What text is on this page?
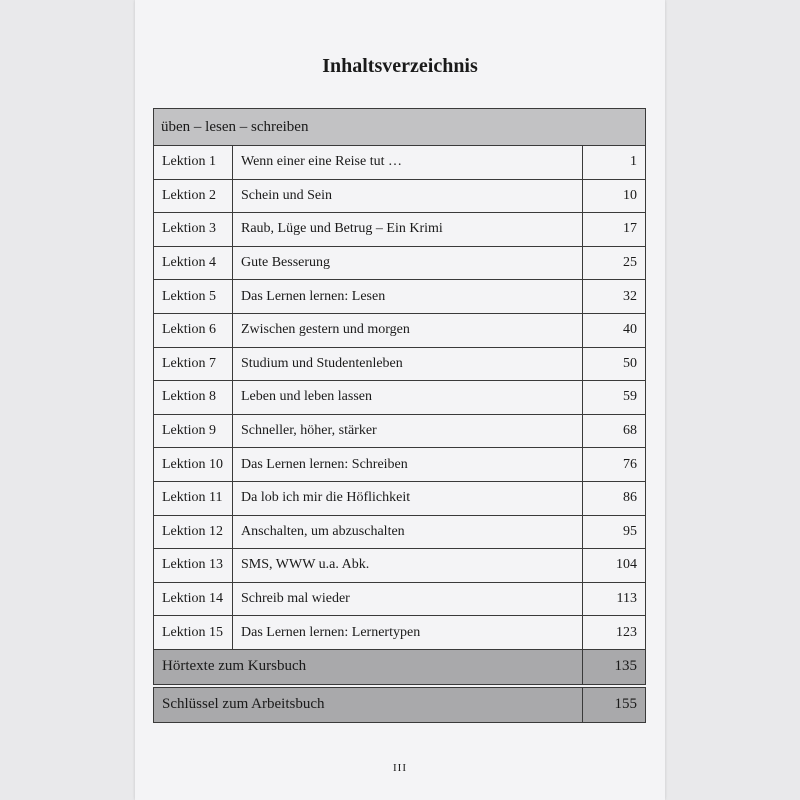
Inhaltsverzeichnis
üben – lesen – schreiben		
Lektion 1	Wenn einer eine Reise tut …	1
Lektion 2	Schein und Sein	10
Lektion 3	Raub, Lüge und Betrug – Ein Krimi	17
Lektion 4	Gute Besserung	25
Lektion 5	Das Lernen lernen: Lesen	32
Lektion 6	Zwischen gestern und morgen	40
Lektion 7	Studium und Studentenleben	50
Lektion 8	Leben und leben lassen	59
Lektion 9	Schneller, höher, stärker	68
Lektion 10	Das Lernen lernen: Schreiben	76
Lektion 11	Da lob ich mir die Höflichkeit	86
Lektion 12	Anschalten, um abzuschalten	95
Lektion 13	SMS, WWW u.a. Abk.	104
Lektion 14	Schreib mal wieder	113
Lektion 15	Das Lernen lernen: Lernertypen	123
Hörtexte zum Kursbuch		135

Schlüssel zum Arbeitsbuch		155
III
